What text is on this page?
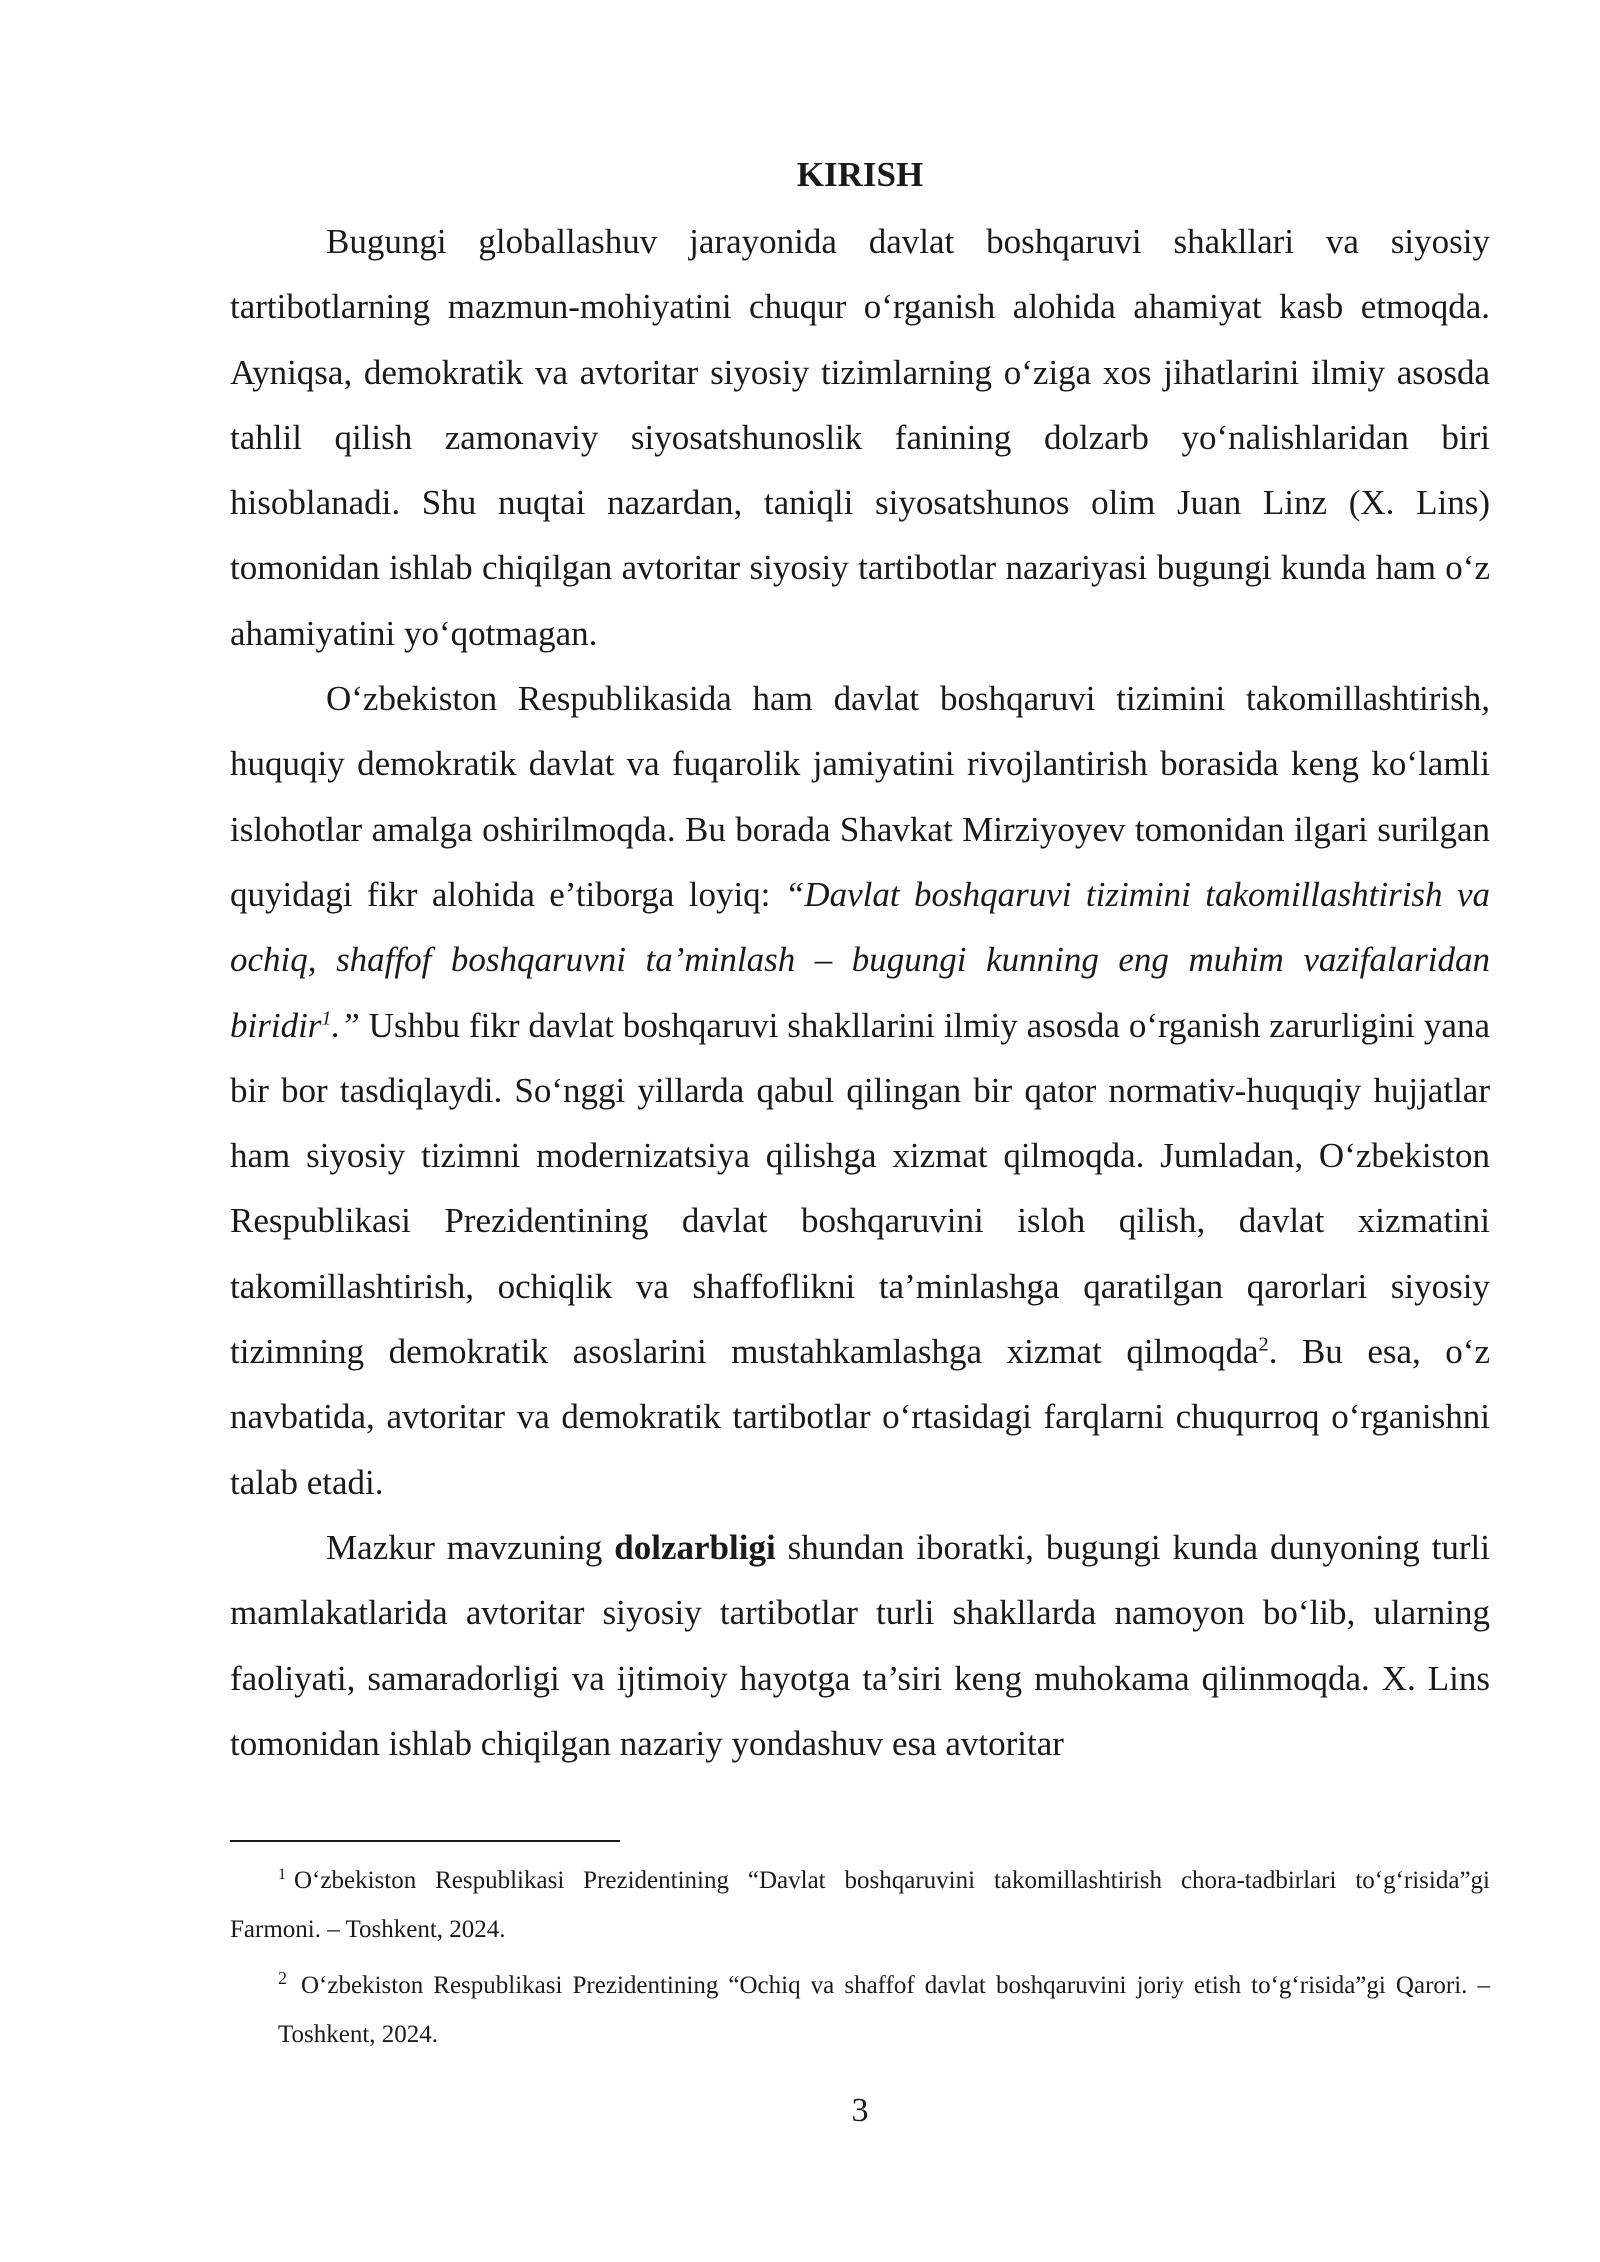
KIRISH

Bugungi globallashuv jarayonida davlat boshqaruvi shakllari va siyosiy tartibotlarning mazmun-mohiyatini chuqur o‘rganish alohida ahamiyat kasb etmoqda. Ayniqsa, demokratik va avtoritar siyosiy tizimlarning o‘ziga xos jihatlarini ilmiy asosda tahlil qilish zamonaviy siyosatshunoslik fanining dolzarb yo‘nalishlaridan biri hisoblanadi. Shu nuqtai nazardan, taniqli siyosatshunos olim Juan Linz (X. Lins) tomonidan ishlab chiqilgan avtoritar siyosiy tartibotlar nazariyasi bugungi kunda ham o‘z ahamiyatini yo‘qotmagan.

O‘zbekiston Respublikasida ham davlat boshqaruvi tizimini takomillashtirish, huquqiy demokratik davlat va fuqarolik jamiyatini rivojlantirish borasida keng ko‘lamli islohotlar amalga oshirilmoqda. Bu borada Shavkat Mirziyoyev tomonidan ilgari surilgan quyidagi fikr alohida e’tiborga loyiq: “Davlat boshqaruvi tizimini takomillashtirish va ochiq, shaffof boshqaruvni ta’minlash – bugungi kunning eng muhim vazifalaridan biridir$^1$.” Ushbu fikr davlat boshqaruvi shakllarini ilmiy asosda o‘rganish zarurligini yana bir bor tasdiqlaydi. So‘nggi yillarda qabul qilingan bir qator normativ-huquqiy hujjatlar ham siyosiy tizimni modernizatsiya qilishga xizmat qilmoqda. Jumladan, O‘zbekiston Respublikasi Prezidentining davlat boshqaruvini isloh qilish, davlat xizmatini takomillashtirish, ochiqlik va shaffoflikni ta’minlashga qaratilgan qarorlari siyosiy tizimning demokratik asoslarini mustahkamlashga xizmat qilmoqda$^2$. Bu esa, o‘z navbatida, avtoritar va demokratik tartibotlar o‘rtasidagi farqlarni chuqurroq o‘rganishni talab etadi.

Mazkur mavzuning dolzarbligi shundan iboratki, bugungi kunda dunyoning turli mamlakatlarida avtoritar siyosiy tartibotlar turli shakllarda namoyon bo‘lib, ularning faoliyati, samaradorligi va ijtimoiy hayotga ta’siri keng muhokama qilinmoqda. X. Lins tomonidan ishlab chiqilgan nazariy yondashuv esa avtoritar

$^1$ O‘zbekiston Respublikasi Prezidentining “Davlat boshqaruvini takomillashtirish chora-tadbirlari to‘g‘risida”gi Farmoni. – Toshkent, 2024.

$^2$ O‘zbekiston Respublikasi Prezidentining “Ochiq va shaffof davlat boshqaruvini joriy etish to‘g‘risida”gi Qarori. – Toshkent, 2024.

3
